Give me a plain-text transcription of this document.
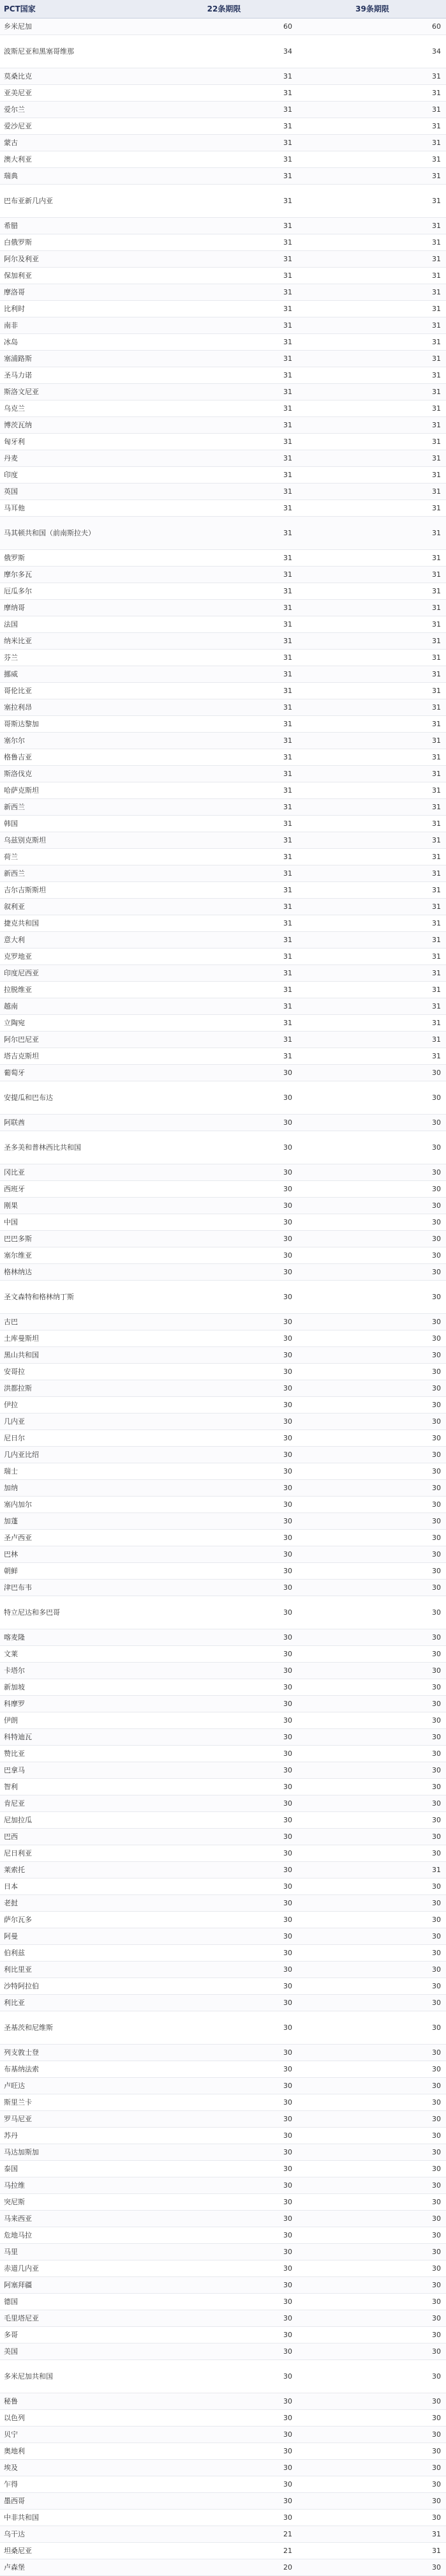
PCT国家	22条期限	39条期限
乡米尼加	60	60
波斯尼亚和黑塞哥维那	34	34
莫桑比克	31	31
亚美尼亚	31	31
爱尔兰	31	31
爱沙尼亚	31	31
蒙古	31	31
澳大利亚	31	31
瑞典	31	31
巴布亚新几内亚	31	31
希腊	31	31
白俄罗斯	31	31
阿尔及利亚	31	31
保加利亚	31	31
摩洛哥	31	31
比利时	31	31
南非	31	31
冰岛	31	31
塞浦路斯	31	31
圣马力诺	31	31
斯洛文尼亚	31	31
乌克兰	31	31
博茨瓦纳	31	31
匈牙利	31	31
丹麦	31	31
印度	31	31
英国	31	31
马耳他	31	31
马其顿共和国（前南斯拉夫）	31	31
俄罗斯	31	31
摩尔多瓦	31	31
厄瓜多尔	31	31
摩纳哥	31	31
法国	31	31
纳米比亚	31	31
芬兰	31	31
挪威	31	31
哥伦比亚	31	31
塞拉利昂	31	31
哥斯达黎加	31	31
塞尔尔	31	31
格鲁吉亚	31	31
斯洛伐克	31	31
哈萨克斯坦	31	31
新西兰	31	31
韩国	31	31
乌兹别克斯坦	31	31
荷兰	31	31
新西兰	31	31
吉尔吉斯斯坦	31	31
叙利亚	31	31
捷克共和国	31	31
意大利	31	31
克罗地亚	31	31
印度尼西亚	31	31
拉脱维亚	31	31
越南	31	31
立陶宛	31	31
阿尔巴尼亚	31	31
塔吉克斯坦	31	31
葡萄牙	30	30
安提瓜和巴布达	30	30
阿联酋	30	30
圣多美和普林西比共和国	30	30
冈比亚	30	30
西班牙	30	30
刚果	30	30
中国	30	30
巴巴多斯	30	30
塞尔维亚	30	30
格林纳达	30	30
圣文森特和格林纳丁斯	30	30
古巴	30	30
土库曼斯坦	30	30
黑山共和国	30	30
安哥拉	30	30
洪都拉斯	30	30
伊拉	30	30
几内亚	30	30
尼日尔	30	30
几内亚比绍	30	30
瑞士	30	30
加纳	30	30
塞内加尔	30	30
加蓬	30	30
圣卢西亚	30	30
巴林	30	30
朝鲜	30	30
津巴布韦	30	30
特立尼达和多巴哥	30	30
喀麦隆	30	30
文莱	30	30
卡塔尔	30	30
新加坡	30	30
科摩罗	30	30
伊朗	30	30
科特迪瓦	30	30
赞比亚	30	30
巴拿马	30	30
智利	30	30
肯尼亚	30	30
尼加拉瓜	30	30
巴西	30	30
尼日利亚	30	30
莱索托	30	31
日本	30	30
老挝	30	30
萨尔瓦多	30	30
阿曼	30	30
伯利兹	30	30
利比里亚	30	30
沙特阿拉伯	30	30
利比亚	30	30
圣基茨和尼维斯	30	30
列支敦士登	30	30
布基纳法索	30	30
卢旺达	30	30
斯里兰卡	30	30
罗马尼亚	30	30
苏丹	30	30
马达加斯加	30	30
泰国	30	30
马拉维	30	30
突尼斯	30	30
马来西亚	30	30
危地马拉	30	30
马里	30	30
赤道几内亚	30	30
阿塞拜疆	30	30
德国	30	30
毛里塔尼亚	30	30
多哥	30	30
美国	30	30
多米尼加共和国	30	30
秘鲁	30	30
以色列	30	30
贝宁	30	30
奥地利	30	30
埃及	30	30
乍得	30	30
墨西哥	30	30
中非共和国	30	30
乌干达	21	31
坦桑尼亚	21	31
卢森堡	20	30
